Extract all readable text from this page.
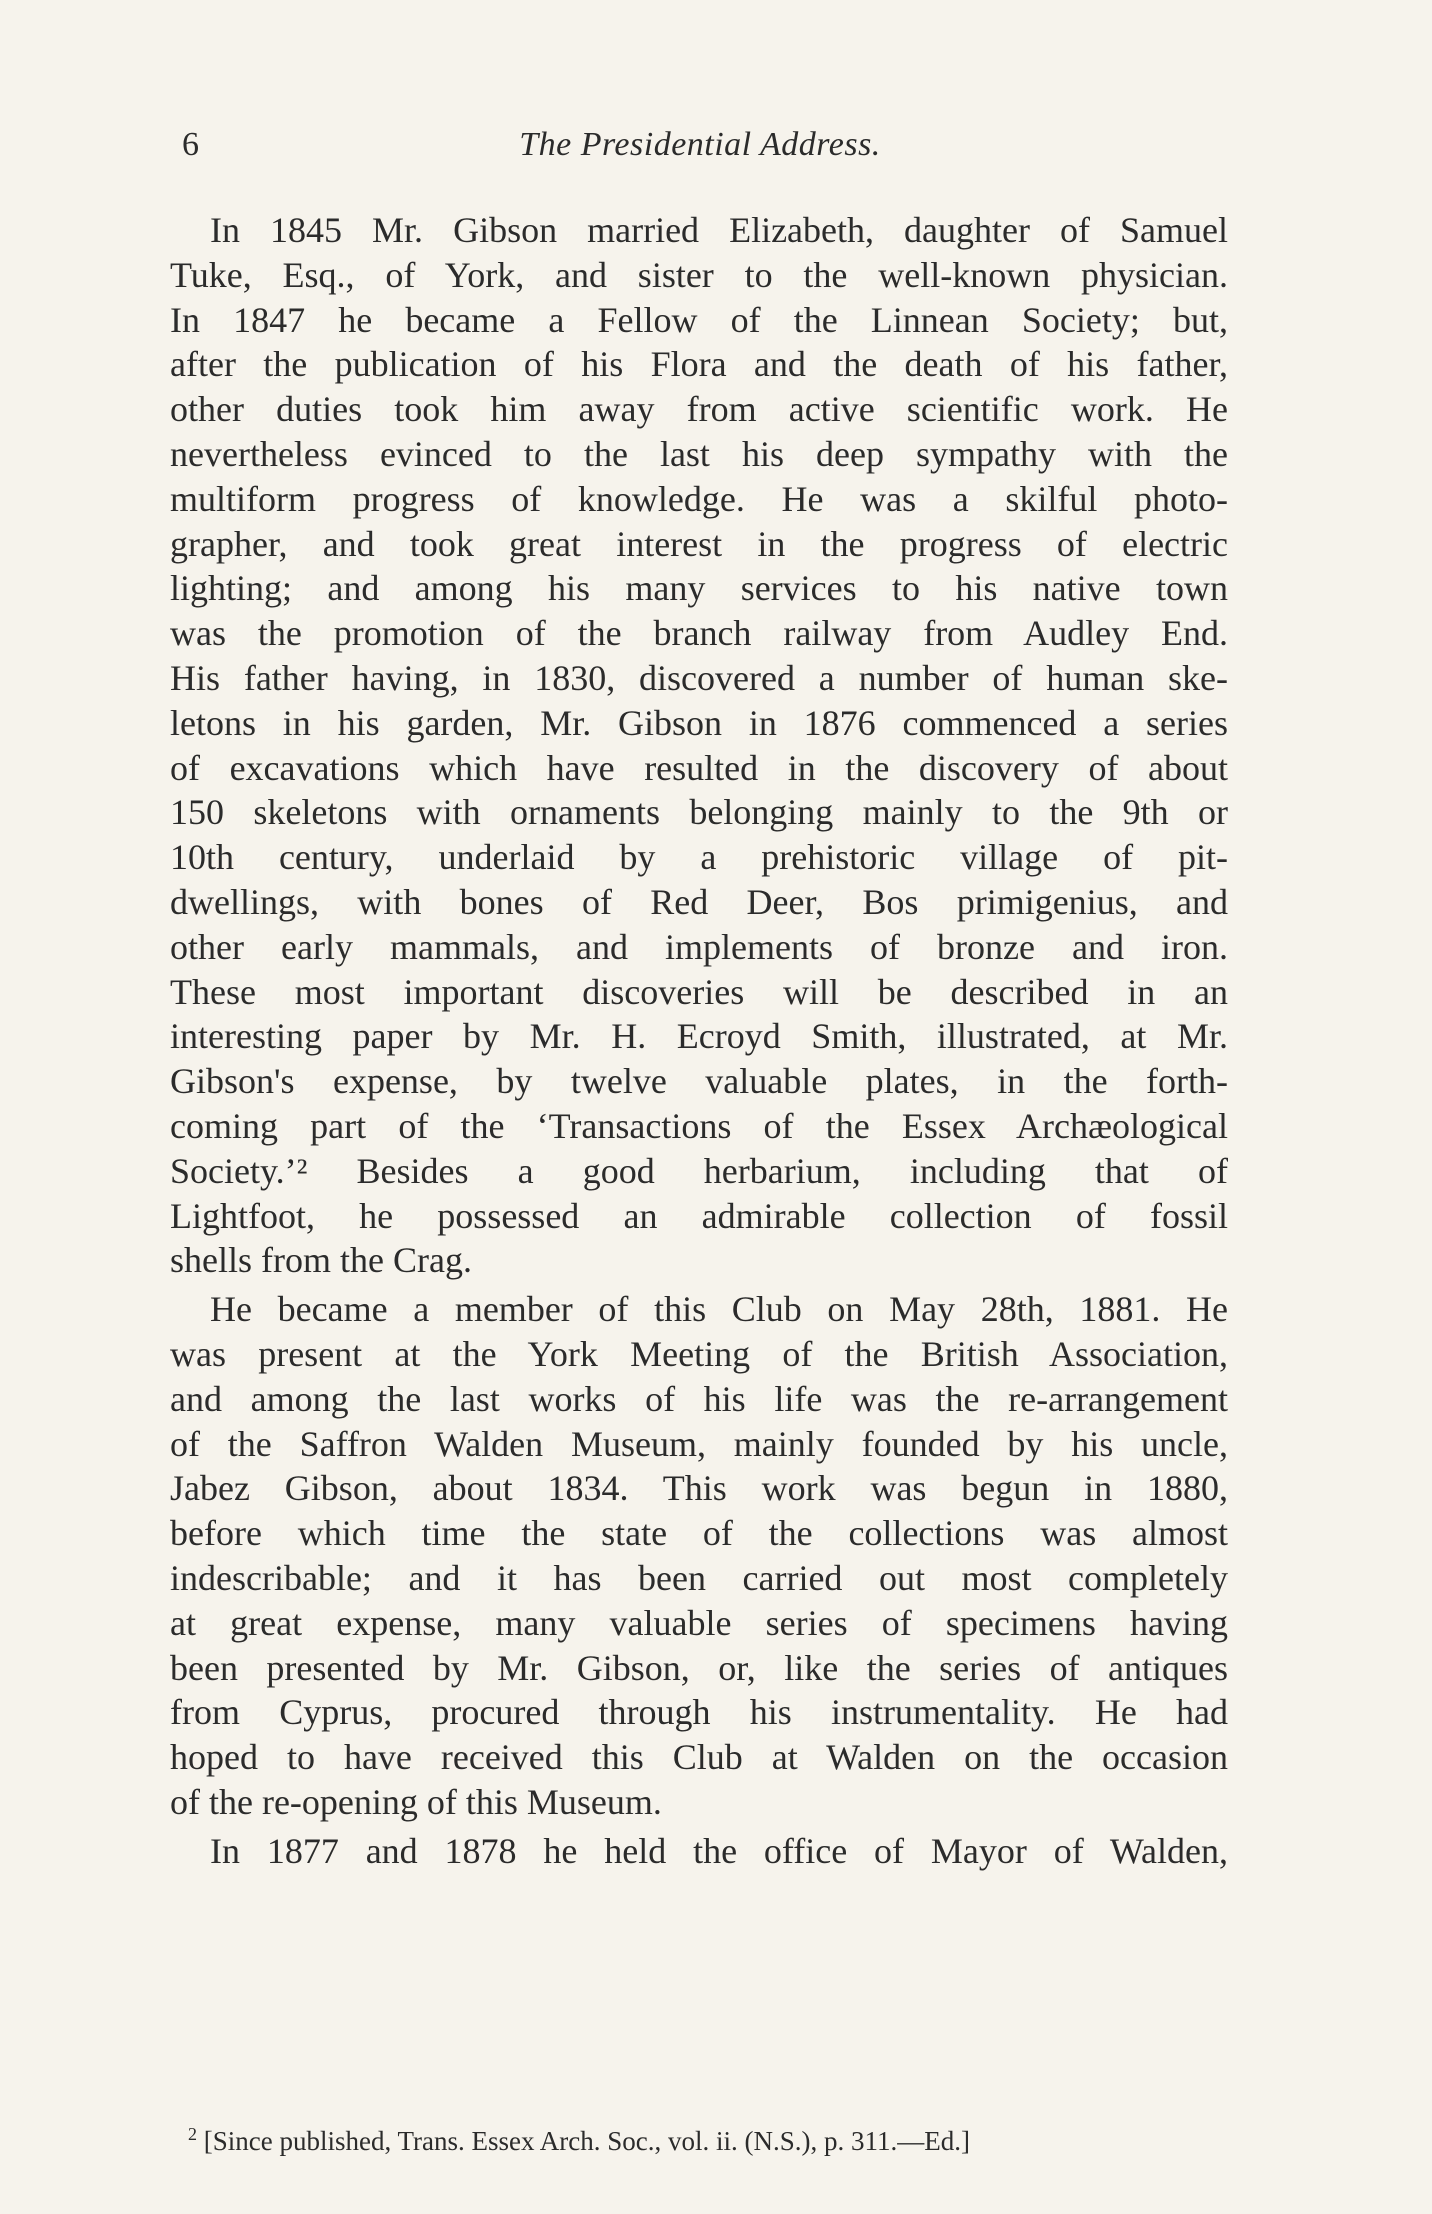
6	The Presidential Address.
In 1845 Mr. Gibson married Elizabeth, daughter of Samuel
Tuke, Esq., of York, and sister to the well-known physician.
In 1847 he became a Fellow of the Linnean Society; but,
after the publication of his Flora and the death of his father,
other duties took him away from active scientific work. He
nevertheless evinced to the last his deep sympathy with the
multiform progress of knowledge. He was a skilful photo-
grapher, and took great interest in the progress of electric
lighting; and among his many services to his native town
was the promotion of the branch railway from Audley End.
His father having, in 1830, discovered a number of human ske-
letons in his garden, Mr. Gibson in 1876 commenced a series
of excavations which have resulted in the discovery of about
150 skeletons with ornaments belonging mainly to the 9th or
10th century, underlaid by a prehistoric village of pit-
dwellings, with bones of Red Deer, Bos primigenius, and
other early mammals, and implements of bronze and iron.
These most important discoveries will be described in an
interesting paper by Mr. H. Ecroyd Smith, illustrated, at Mr.
Gibson's expense, by twelve valuable plates, in the forth-
coming part of the ‘Transactions of the Essex Archæological
Society.’² Besides a good herbarium, including that of
Lightfoot, he possessed an admirable collection of fossil
shells from the Crag.
He became a member of this Club on May 28th, 1881. He
was present at the York Meeting of the British Association,
and among the last works of his life was the re-arrangement
of the Saffron Walden Museum, mainly founded by his uncle,
Jabez Gibson, about 1834. This work was begun in 1880,
before which time the state of the collections was almost
indescribable; and it has been carried out most completely
at great expense, many valuable series of specimens having
been presented by Mr. Gibson, or, like the series of antiques
from Cyprus, procured through his instrumentality. He had
hoped to have received this Club at Walden on the occasion
of the re-opening of this Museum.
In 1877 and 1878 he held the office of Mayor of Walden,
$^2$ [Since published, Trans. Essex Arch. Soc., vol. ii. (N.S.), p. 311.—Ed.]
